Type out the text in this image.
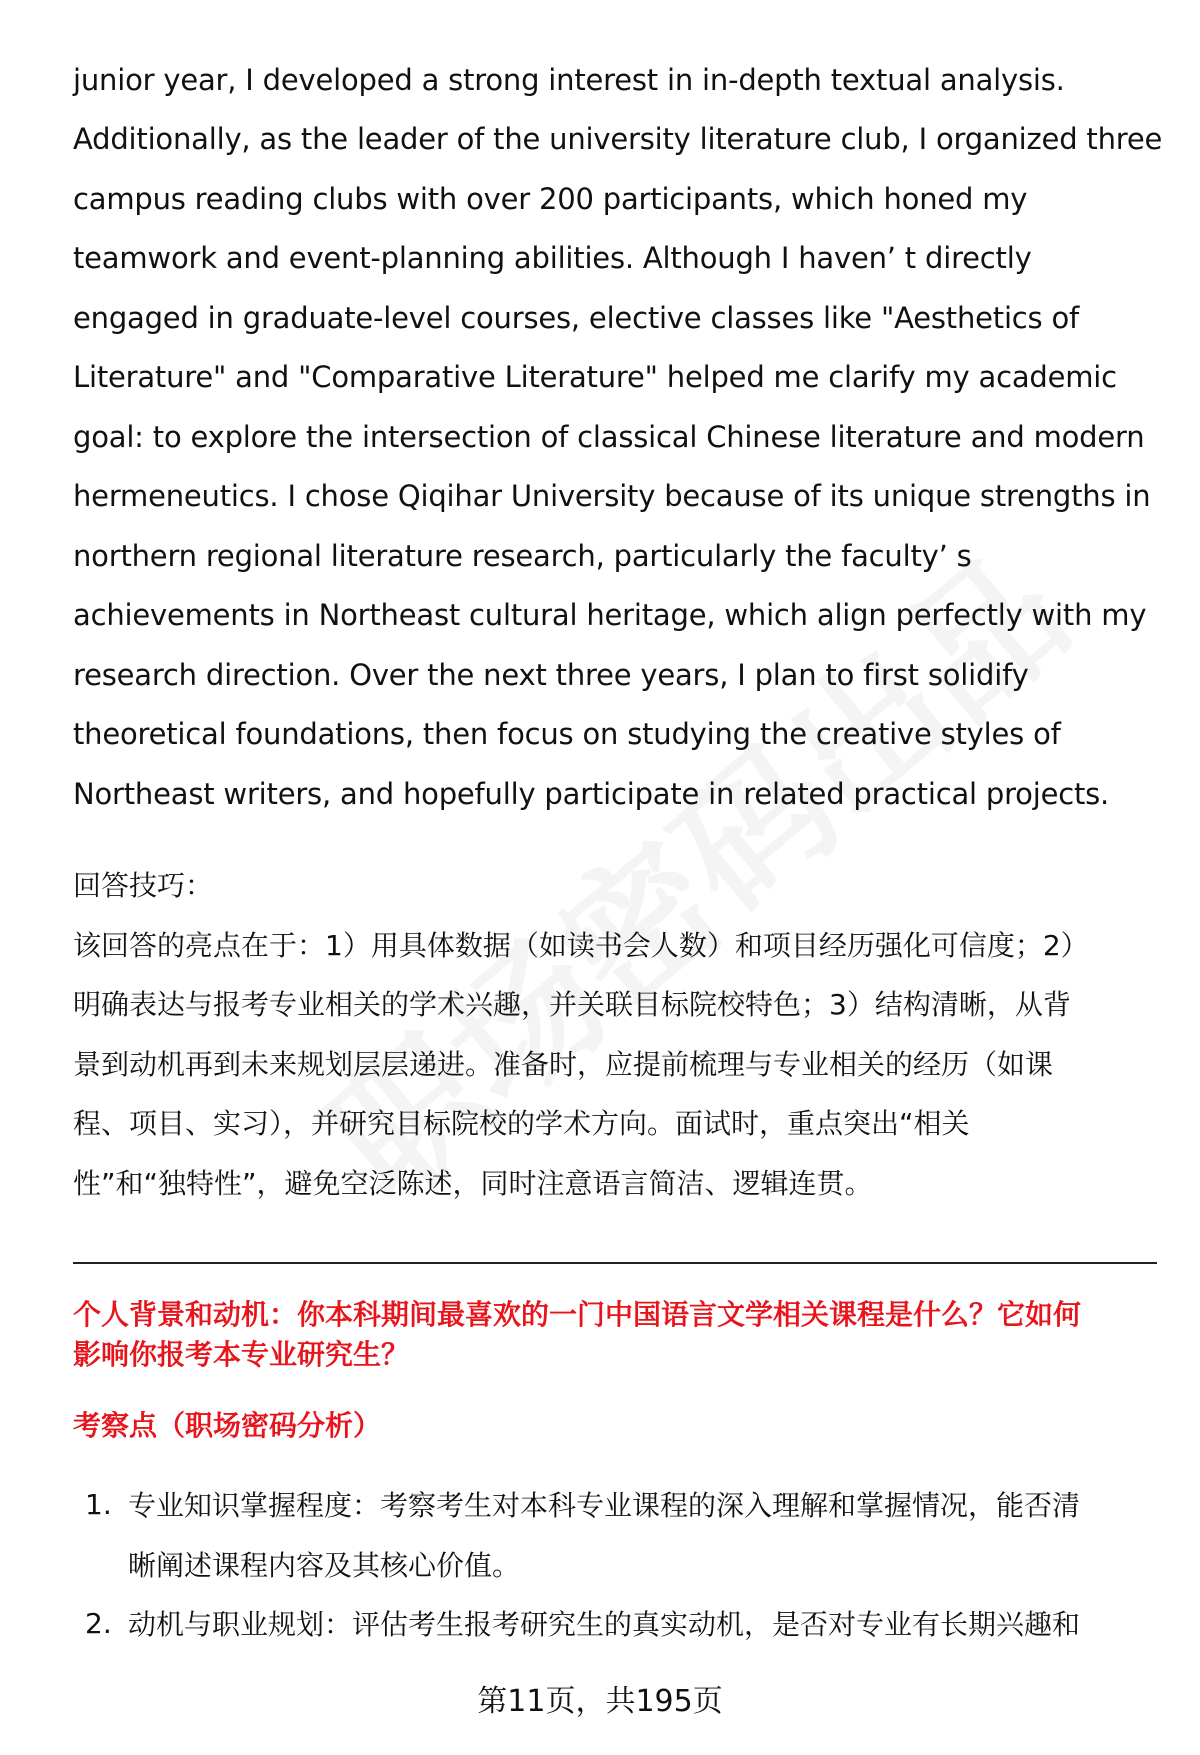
junior year, I developed a strong interest in in-depth textual analysis.
Additionally, as the leader of the university literature club, I organized three
campus reading clubs with over 200 participants, which honed my
teamwork and event-planning abilities. Although I haven’ t directly
engaged in graduate-level courses, elective classes like "Aesthetics of
Literature" and "Comparative Literature" helped me clarify my academic
goal: to explore the intersection of classical Chinese literature and modern
hermeneutics. I chose Qiqihar University because of its unique strengths in
northern regional literature research, particularly the faculty’ s
achievements in Northeast cultural heritage, which align perfectly with my
research direction. Over the next three years, I plan to first solidify
theoretical foundations, then focus on studying the creative styles of
Northeast writers, and hopefully participate in related practical projects.
回答技巧：
该回答的亮点在于：1）用具体数据（如读书会人数）和项目经历强化可信度；2）
明确表达与报考专业相关的学术兴趣，并关联目标院校特色；3）结构清晰，从背
景到动机再到未来规划层层递进。准备时，应提前梳理与专业相关的经历（如课
程、项目、实习），并研究目标院校的学术方向。面试时，重点突出“相关
性”和“独特性”，避免空泛陈述，同时注意语言简洁、逻辑连贯。
个人背景和动机：你本科期间最喜欢的一门中国语言文学相关课程是什么？它如何
影响你报考本专业研究生？
考察点（职场密码分析）
1. 专业知识掌握程度：考察考生对本科专业课程的深入理解和掌握情况，能否清
晰阐述课程内容及其核心价值。
2. 动机与职业规划：评估考生报考研究生的真实动机，是否对专业有长期兴趣和
第11页，共195页
